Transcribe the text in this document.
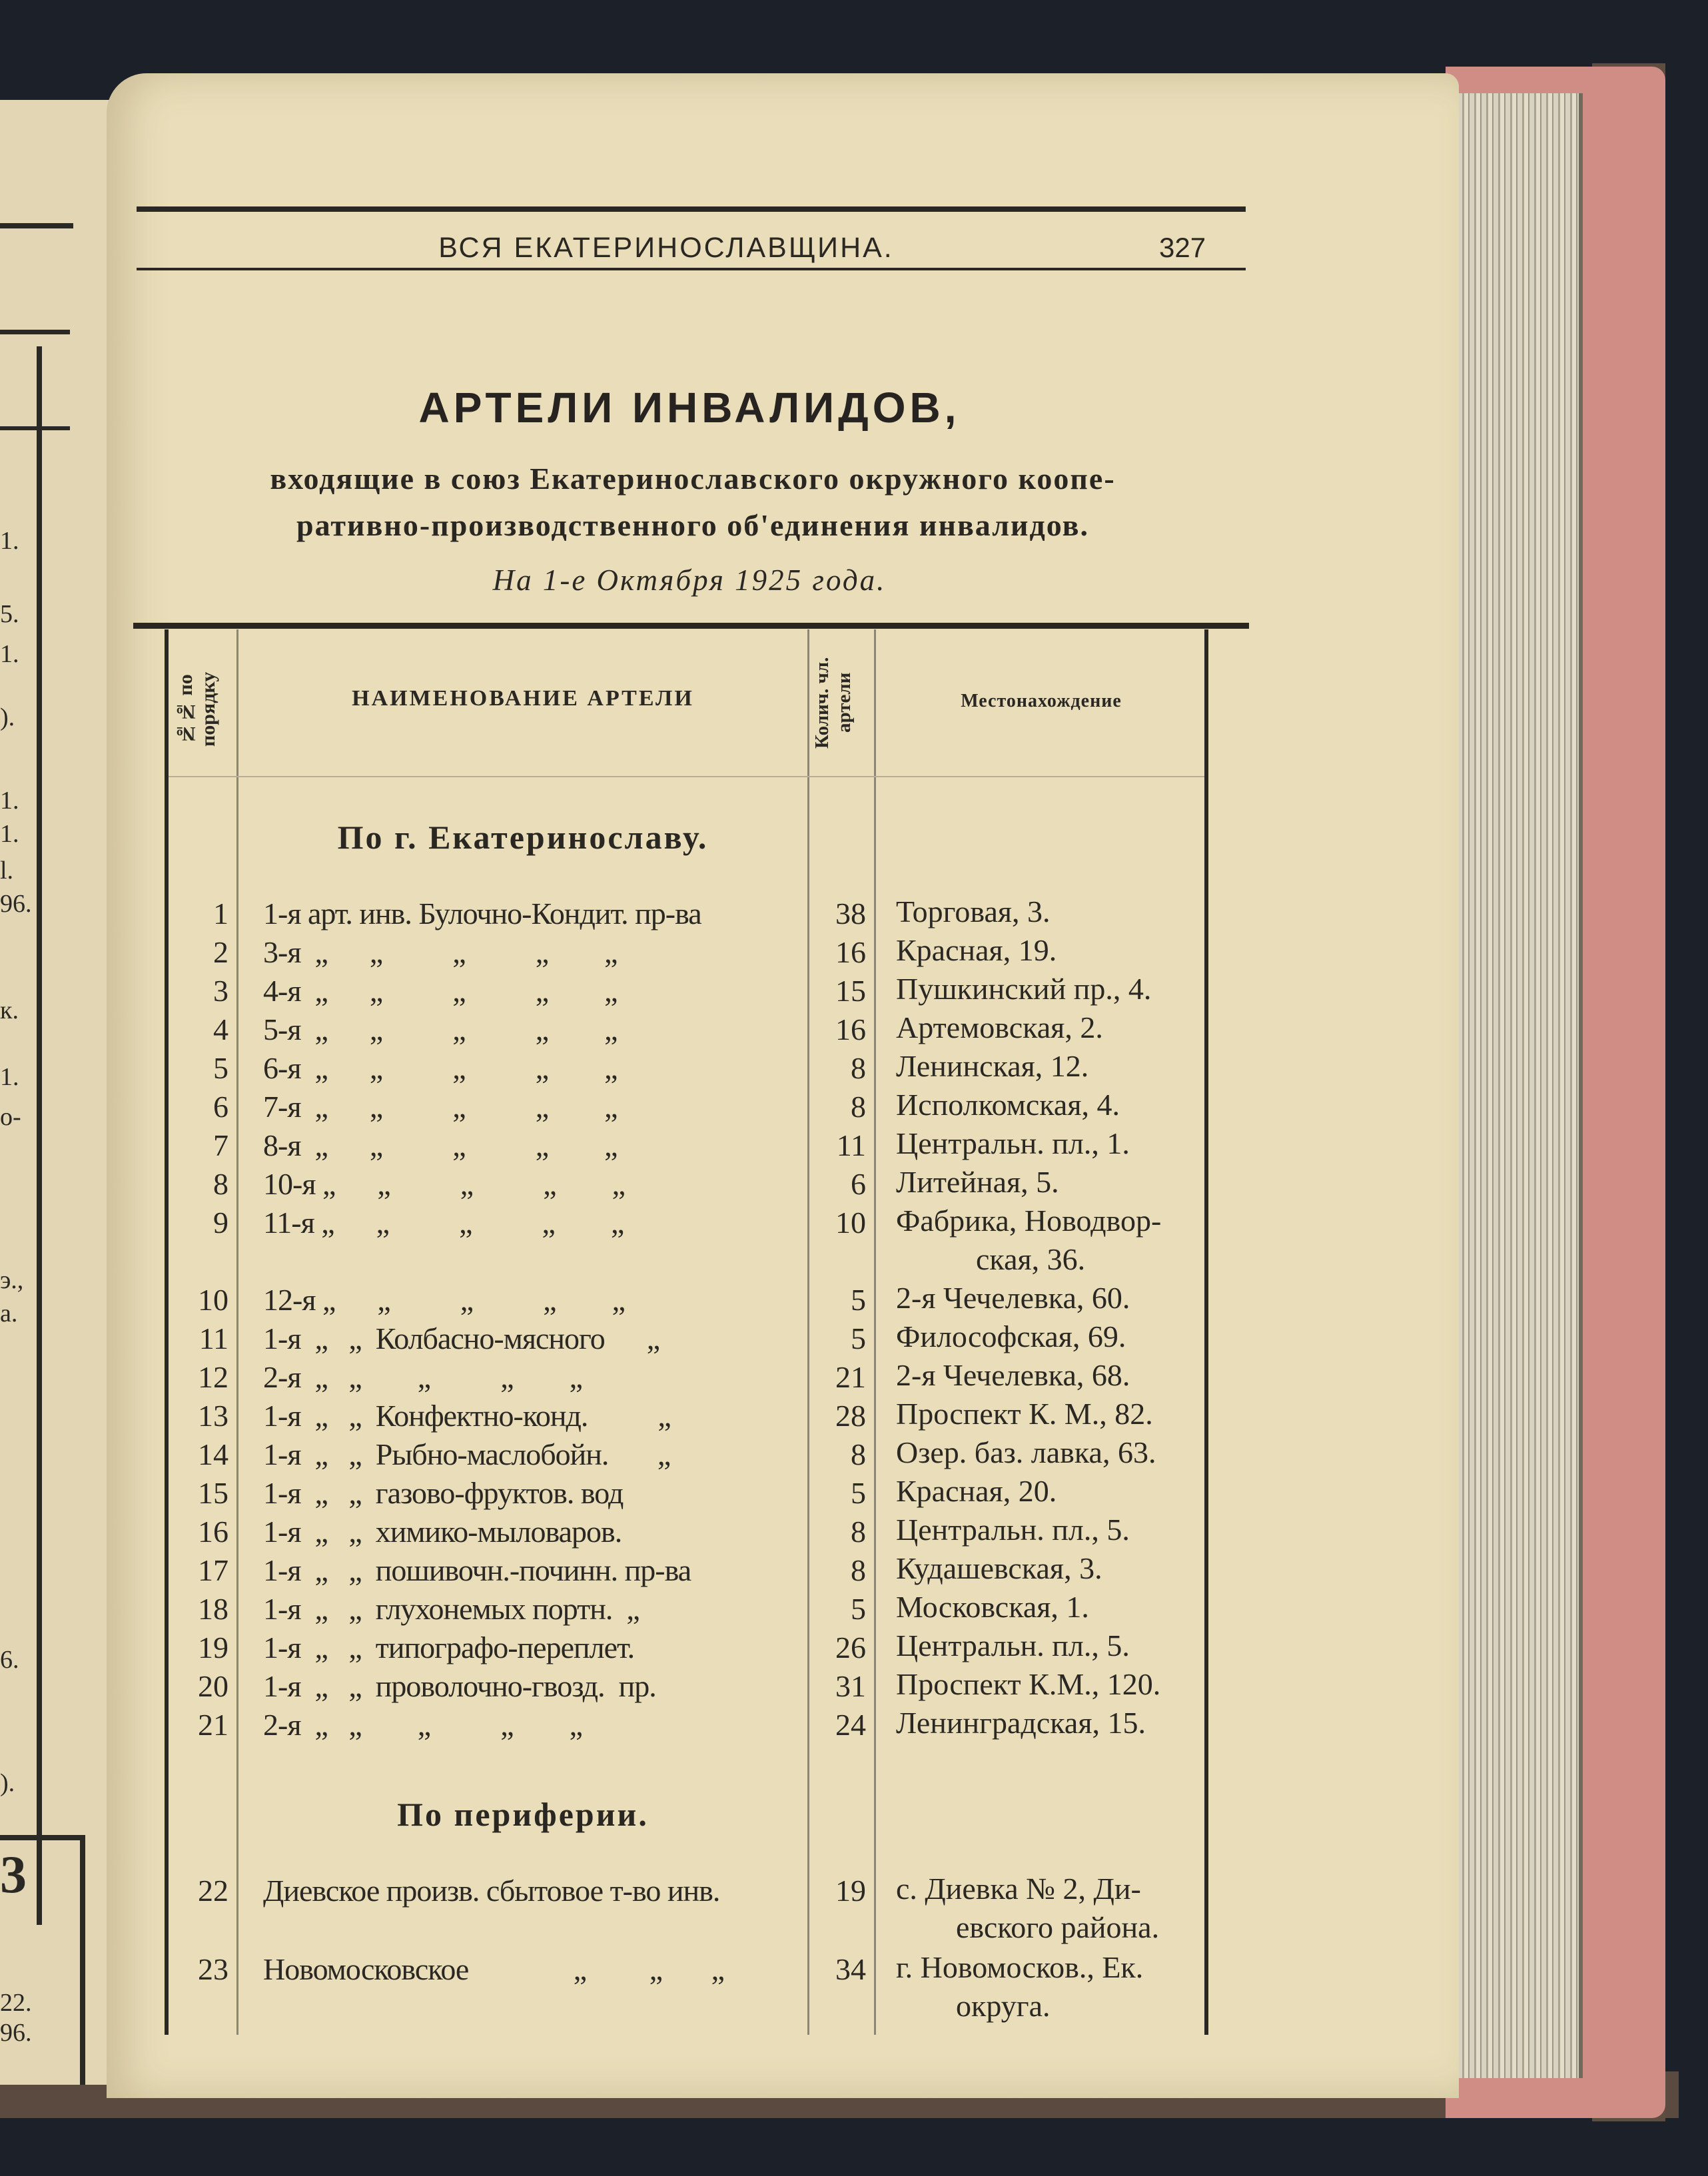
1.
5.
1.
).
1.
1.
l.
96.
к.
1.
о-
э.,
а.
6.
).
3
22.
96.
ВСЯ ЕКАТЕРИНОСЛАВЩИНА.	327
АРТЕЛИ ИНВАЛИДОВ,
входящие в союз Екатеринославского окружного коопе-
ративно-производственного об'единения инвалидов.
На 1-е Октября 1925 года.
№№ по порядку	НАИМЕНОВАНИЕ АРТЕЛИ	Колич. чл. артели	Местонахождение
По г. Екатеринославу.
1 1-я арт. инв. Булочно-Кондит. пр-ва	38 Торговая, 3.
2 3-я  „      „          „          „        „	16 Красная, 19.
3 4-я  „      „          „          „        „	15 Пушкинский пр., 4.
4 5-я  „      „          „          „        „	16 Артемовская, 2.
5 6-я  „      „          „          „        „	8 Ленинская, 12.
6 7-я  „      „          „          „        „	8 Исполкомская, 4.
7 8-я  „      „          „          „        „	11 Центральн. пл., 1.
8 10-я „      „          „          „        „	6 Литейная, 5.
9 11-я „      „          „          „        „	10 Фабрика, Новодвор-
ская, 36.
10 12-я „      „          „          „        „	5 2-я Чечелевка, 60.
11 1-я  „   „  Колбасно-мясного      „	5 Философская, 69.
12 2-я  „   „        „          „        „	21 2-я Чечелевка, 68.
13 1-я  „   „  Конфектно-конд.          „	28 Проспект К. М., 82.
14 1-я  „   „  Рыбно-маслобойн.       „	8 Озер. баз. лавка, 63.
15 1-я  „   „  газово-фруктов. вод	5 Красная, 20.
16 1-я  „   „  химико-мыловаров.	8 Центральн. пл., 5.
17 1-я  „   „  пошивочн.-починн. пр-ва	8 Кудашевская, 3.
18 1-я  „   „  глухонемых портн.  „	5 Московская, 1.
19 1-я  „   „  типографо-переплет.	26 Центральн. пл., 5.
20 1-я  „   „  проволочно-гвозд.  пр.	31 Проспект К.М., 120.
21 2-я  „   „        „          „        „	24 Ленинградская, 15.
По периферии.
22 Диевское произв. сбытовое т-во инв.	19 с. Диевка № 2, Ди-
евского района.
23 Новомосковское               „         „       „	34 г. Новомосков., Ек.
округа.
